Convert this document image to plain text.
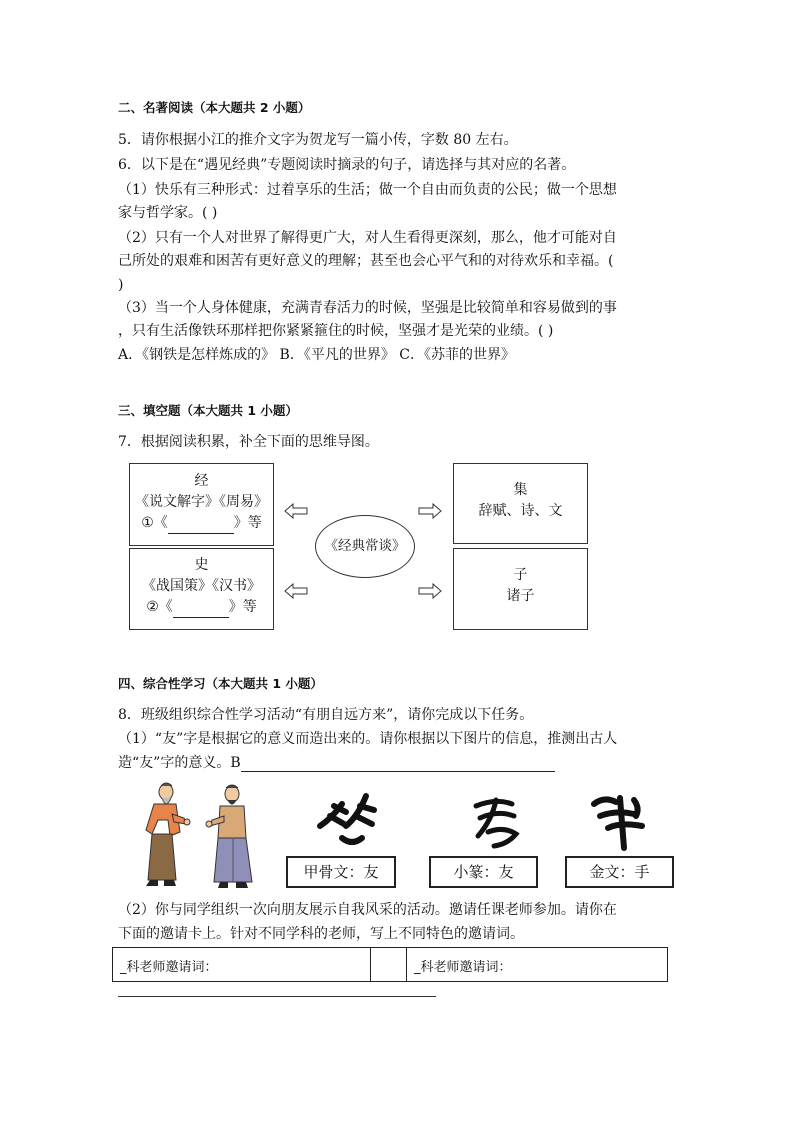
二、名著阅读（本大题共 2 小题）
5．请你根据小江的推介文字为贺龙写一篇小传，字数 80 左右。
6．以下是在“遇见经典”专题阅读时摘录的句子，请选择与其对应的名著。
（1）快乐有三种形式：过着享乐的生活；做一个自由而负责的公民；做一个思想
家与哲学家。( )
（2）只有一个人对世界了解得更广大，对人生看得更深刻，那么，他才可能对自
己所处的艰难和困苦有更好意义的理解；甚至也会心平气和的对待欢乐和幸福。(
)
（3）当一个人身体健康，充满青春活力的时候，坚强是比较简单和容易做到的事
，只有生活像铁环那样把你紧紧箍住的时候，坚强才是光荣的业绩。( )
A．《钢铁是怎样炼成的》 B．《平凡的世界》 C．《苏菲的世界》
三、填空题（本大题共 1 小题）
7．根据阅读积累，补全下面的思维导图。
经
《说文解字》《周易》
①《	》等
史
《战国策》《汉书》
②《	》等
集
辞赋、诗、文
子
诸子
《经典常谈》
四、综合性学习（本大题共 1 小题）
8．班级组织综合性学习活动“有朋自远方来”，请你完成以下任务。
（1）“友”字是根据它的意义而造出来的。请你根据以下图片的信息，推测出古人
造“友”字的意义。B
甲骨文：友	小篆：友	金文：手
（2）你与同学组织一次向朋友展示自我风采的活动。邀请任课老师参加。请你在
下面的邀请卡上。针对不同学科的老师，写上不同特色的邀请词。
_科老师邀请词：	_科老师邀请词：
